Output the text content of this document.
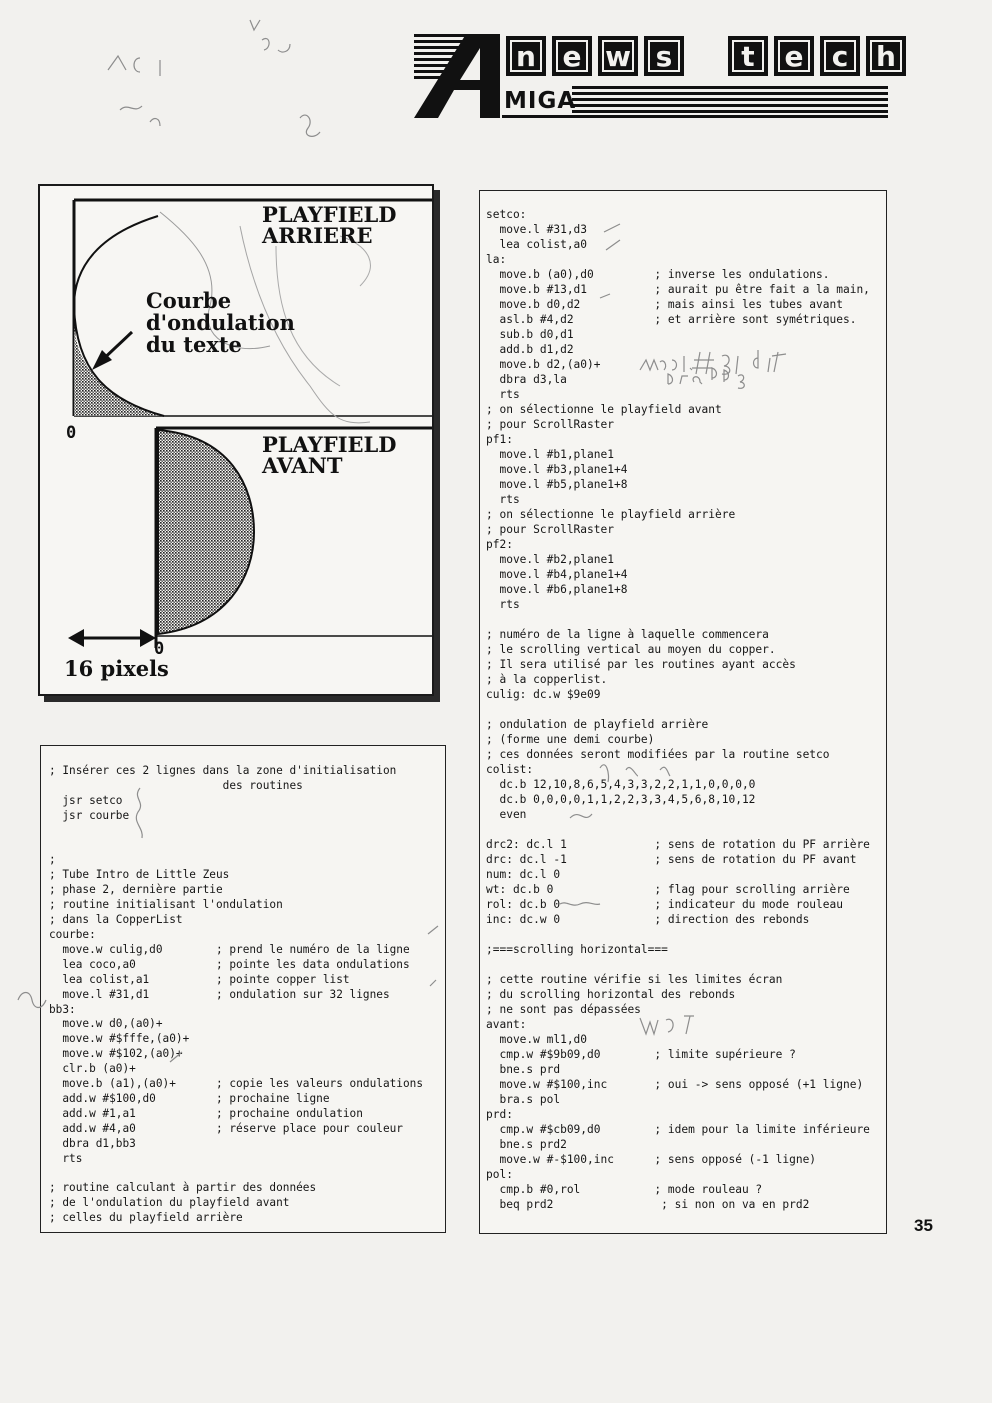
n e w s	t	e	c h
MIGA
PLAYFIELD
ARRIERE
Courbe
d'ondulation
du texte
0	PLAYFIELD
AVANT
0
16 pixels
; Insérer ces 2 lignes dans la zone d'initialisation
des routines
jsr setco
jsr courbe

;
; Tube Intro de Little Zeus
; phase 2, dernière partie
; routine initialisant l'ondulation
; dans la CopperList
courbe:
move.w culig,d0        ; prend le numéro de la ligne
lea coco,a0            ; pointe les data ondulations
lea colist,a1          ; pointe copper list
move.l #31,d1          ; ondulation sur 32 lignes
bb3:
move.w d0,(a0)+
move.w #$fffe,(a0)+
move.w #$102,(a0)+
clr.b (a0)+
move.b (a1),(a0)+      ; copie les valeurs ondulations
add.w #$100,d0         ; prochaine ligne
add.w #1,a1            ; prochaine ondulation
add.w #4,a0            ; réserve place pour couleur
dbra d1,bb3
rts

; routine calculant à partir des données
; de l'ondulation du playfield avant
; celles du playfield arrière
setco:
move.l #31,d3
lea colist,a0
la:
move.b (a0),d0         ; inverse les ondulations.
move.b #13,d1          ; aurait pu être fait a la main,
move.b d0,d2           ; mais ainsi les tubes avant
asl.b #4,d2            ; et arrière sont symétriques.
sub.b d0,d1
add.b d1,d2
move.b d2,(a0)+
dbra d3,la
rts
; on sélectionne le playfield avant
; pour ScrollRaster
pf1:
move.l #b1,plane1
move.l #b3,plane1+4
move.l #b5,plane1+8
rts
; on sélectionne le playfield arrière
; pour ScrollRaster
pf2:
move.l #b2,plane1
move.l #b4,plane1+4
move.l #b6,plane1+8
rts

; numéro de la ligne à laquelle commencera
; le scrolling vertical au moyen du copper.
; Il sera utilisé par les routines ayant accès
; à la copperlist.
culig: dc.w $9e09

; ondulation de playfield arrière
; (forme une demi courbe)
; ces données seront modifiées par la routine setco
colist:
dc.b 12,10,8,6,5,4,3,3,2,2,1,1,0,0,0,0
dc.b 0,0,0,0,1,1,2,2,3,3,4,5,6,8,10,12
even

drc2: dc.l 1             ; sens de rotation du PF arrière
drc: dc.l -1             ; sens de rotation du PF avant
num: dc.l 0
wt: dc.b 0               ; flag pour scrolling arrière
rol: dc.b 0              ; indicateur du mode rouleau
inc: dc.w 0              ; direction des rebonds

;===scrolling horizontal===

; cette routine vérifie si les limites écran
; du scrolling horizontal des rebonds
; ne sont pas dépassées
avant:
move.w ml1,d0
cmp.w #$9b09,d0        ; limite supérieure ?
bne.s prd
move.w #$100,inc       ; oui -> sens opposé (+1 ligne)
bra.s pol
prd:
cmp.w #$cb09,d0        ; idem pour la limite inférieure
bne.s prd2
move.w #-$100,inc      ; sens opposé (-1 ligne)
pol:
cmp.b #0,rol           ; mode rouleau ?
beq prd2                ; si non on va en prd2
35
